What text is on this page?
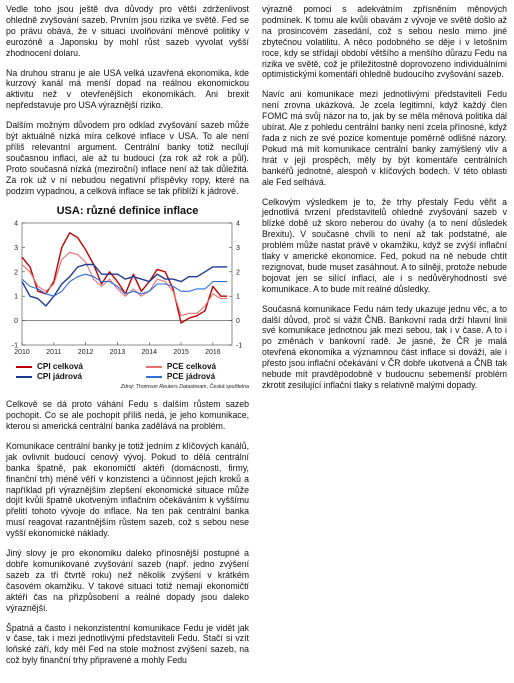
Vedle toho jsou ještě dva důvody pro větší zdrženlivost ohledně zvyšování sazeb. Prvním jsou rizika ve světě. Fed se po právu obává, že v situaci uvolňování měnové politiky v eurozóně a Japonsku by mohl růst sazeb vyvolat vyšší zhodnocení dolaru.

Na druhou stranu je ale USA velká uzavřená ekonomika, kde kurzový kanál má menší dopad na reálnou ekonomickou aktivitu než v otevřenějších ekonomikách. Ani brexit nepředstavuje pro USA výraznější riziko.

Dalším možným důvodem pro odklad zvyšování sazeb může být aktuálně nízká míra celkové inflace v USA. To ale není příliš relevantní argument. Centrální banky totiž necílují současnou inflaci, ale až tu budoucí (za rok až rok a půl). Proto současná nízká (meziroční) inflace není až tak důležitá. Za rok už v ní nebudou negativní příspěvky ropy, které na podzim vypadnou, a celková inflace se tak přiblíží k jádrové.

USA: různé definice inflace
-1	-1
0	0
1	1
2	2
3	3
4	4
2010 2011 2012 2013 2014 2015 2016
CPI celková	PCE celková
CPI jádrová	PCE jádrová
Zdroj: Thomson Reuters Datastream, Česká spořitelna

Celkově se dá proto váhání Fedu s dalším růstem sazeb pochopit. Co se ale pochopit příliš nedá, je jeho komunikace, kterou si americká centrální banka zadělává na problém.

Komunikace centrální banky je totiž jedním z klíčových kanálů, jak ovlivnit budoucí cenový vývoj. Pokud to dělá centrální banka špatně, pak ekonomičtí aktéři (domácnosti, firmy, finanční trh) méně věří v konzistenci a účinnost jejich kroků a například při výraznějším zlepšení ekonomické situace může dojít kvůli špatně ukotveným inflačním očekáváním k vyššímu přelití tohoto vývoje do inflace. Na ten pak centrální banka musí reagovat razantnějším růstem sazeb, což s sebou nese vyšší ekonomické náklady.

Jiný slovy je pro ekonomiku daleko přínosnější postupné a dobře komunikované zvyšování sazeb (např. jedno zvýšení sazeb za tři čtvrtě roku) než několik zvýšení v krátkém časovém okamžiku. V takové situaci totiž nemají ekonomičtí aktéři čas na přizpůsobení a reálné dopady jsou daleko výraznější.

Špatná a často i nekonzistentní komunikace Fedu je vidět jak v čase, tak i mezi jednotlivými představiteli Fedu. Stačí si vzít loňské září, kdy měl Fed na stole možnost zvýšení sazeb, na což byly finanční trhy připravené a mohly Fedu

výrazně pomoci s adekvátním zpřísněním měnových podmínek. K tomu ale kvůli obavám z vývoje ve světě došlo až na prosincovém zasedání, což s sebou neslo mimo jiné zbytečnou volatilitu. A něco podobného se děje i v letošním roce, kdy se střídají období většího a menšího důrazu Fedu na rizika ve světě, což je příležitostně doprovozeno individuálními optimistickými komentáři ohledně budoucího zvyšování sazeb.

Navíc ani komunikace mezi jednotlivými představiteli Fedu není zrovna ukázková. Je zcela legitimní, když každý člen FOMC má svůj názor na to, jak by se měla měnová politika dál ubírat. Ale z pohledu centrální banky není zcela přínosné, když řada z nich ze své pozice komentuje poměrně odlišné názory. Pokud má mít komunikace centrální banky zamýšlený vliv a hrát v její prospěch, měly by být komentáře centrálních bankéřů jednotné, alespoň v klíčových bodech. V této oblasti ale Fed selhává.

Celkovým výsledkem je to, že trhy přestaly Fedu věřit a jednotlivá tvrzení představitelů ohledně zvyšování sazeb v blízké době už skoro neberou do úvahy (a to není důsledek Brexitu). V současné chvíli to není až tak podstatné, ale problém může nastat právě v okamžiku, když se zvýší inflační tlaky v americké ekonomice. Fed, pokud na ně nebude chtít rezignovat, bude muset zasáhnout. A to silněji, protože nebude bojovat jen se silící inflací, ale i s nedůvěryhodností své komunikace. A to bude mít reálné důsledky.

Současná komunikace Fedu nám tedy ukazuje jednu věc, a to další důvod, proč si vážit ČNB. Bankovní rada drží hlavní linii své komunikace jednotnou jak mezi sebou, tak i v čase. A to i po změnách v bankovní radě. Je jasné, že ČR je malá otevřená ekonomika a významnou část inflace si dováží, ale i přesto jsou inflační očekávání v ČR dobře ukotvená a ČNB tak nebude mít pravděpodobně v budoucnu sebemenší problém zkrotit zesilující inflační tlaky s relativně malými dopady.
